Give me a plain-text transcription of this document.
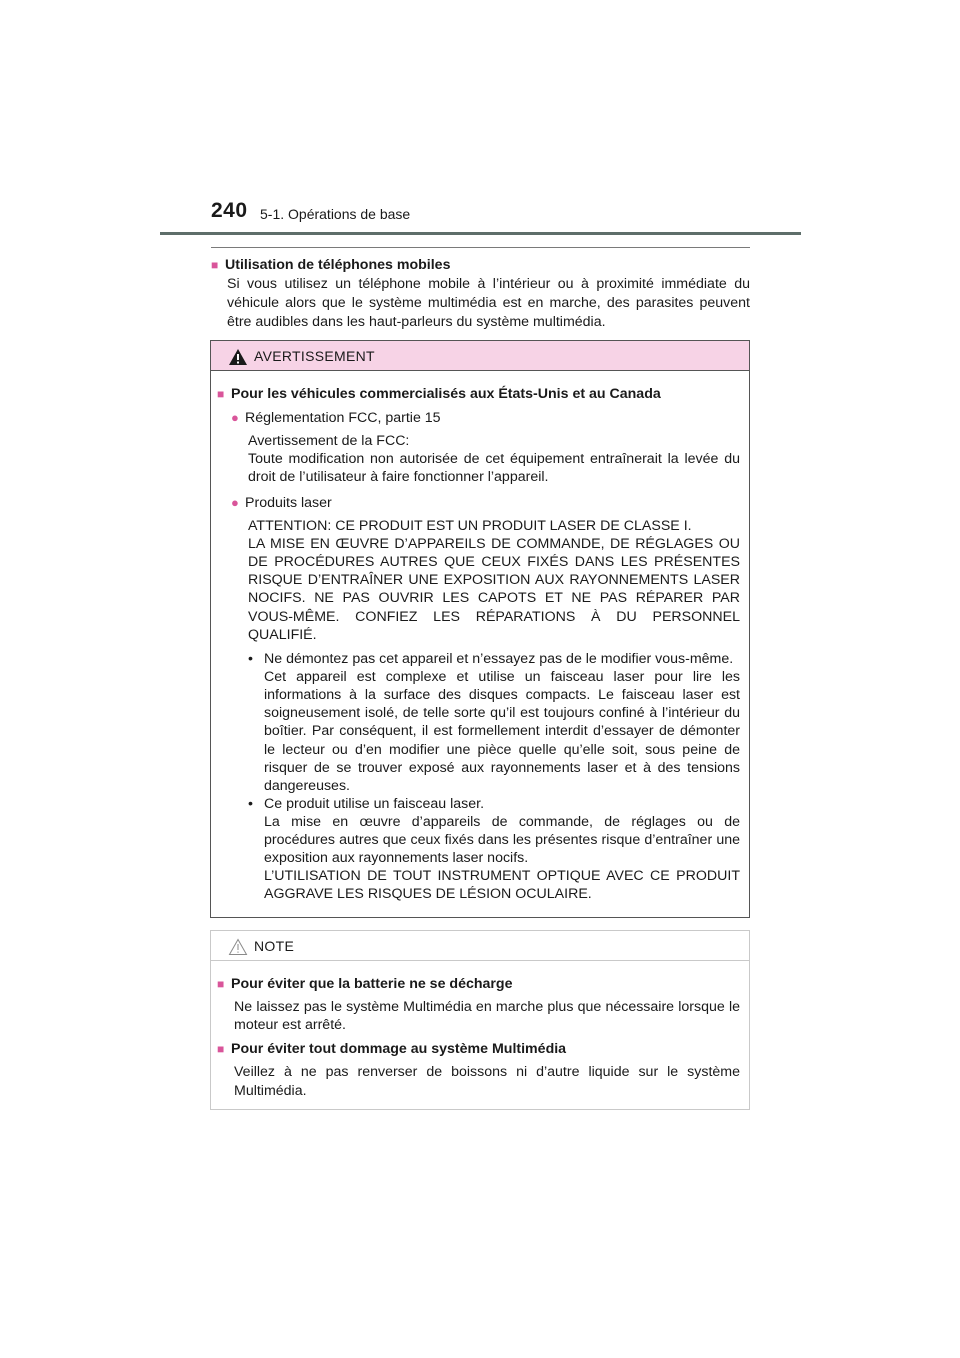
240 5-1. Opérations de base
■ Utilisation de téléphones mobiles
Si vous utilisez un téléphone mobile à l’intérieur ou à proximité immédiate du véhicule alors que le système multimédia est en marche, des parasites peuvent être audibles dans les haut-parleurs du système multimédia.
AVERTISSEMENT
■ Pour les véhicules commercialisés aux États-Unis et au Canada
● Réglementation FCC, partie 15
Avertissement de la FCC:
Toute modification non autorisée de cet équipement entraînerait la levée du droit de l’utilisateur à faire fonctionner l’appareil.
● Produits laser
ATTENTION: CE PRODUIT EST UN PRODUIT LASER DE CLASSE I.
LA MISE EN ŒUVRE D’APPAREILS DE COMMANDE, DE RÉGLAGES OU DE PROCÉDURES AUTRES QUE CEUX FIXÉS DANS LES PRÉSENTES RISQUE D’ENTRAÎNER UNE EXPOSITION AUX RAYONNEMENTS LASER NOCIFS. NE PAS OUVRIR LES CAPOTS ET NE PAS RÉPARER PAR VOUS-MÊME. CONFIEZ LES RÉPARATIONS À DU PERSONNEL QUALIFIÉ.
• Ne démontez pas cet appareil et n’essayez pas de le modifier vous-même.
Cet appareil est complexe et utilise un faisceau laser pour lire les informations à la surface des disques compacts. Le faisceau laser est soigneusement isolé, de telle sorte qu’il est toujours confiné à l’intérieur du boîtier. Par conséquent, il est formellement interdit d’essayer de démonter le lecteur ou d’en modifier une pièce quelle qu’elle soit, sous peine de risquer de se trouver exposé aux rayonnements laser et à des tensions dangereuses.
• Ce produit utilise un faisceau laser.
La mise en œuvre d’appareils de commande, de réglages ou de procédures autres que ceux fixés dans les présentes risque d’entraîner une exposition aux rayonnements laser nocifs.
L’UTILISATION DE TOUT INSTRUMENT OPTIQUE AVEC CE PRODUIT AGGRAVE LES RISQUES DE LÉSION OCULAIRE.
NOTE
■ Pour éviter que la batterie ne se décharge
Ne laissez pas le système Multimédia en marche plus que nécessaire lorsque le moteur est arrêté.
■ Pour éviter tout dommage au système Multimédia
Veillez à ne pas renverser de boissons ni d’autre liquide sur le système Multimédia.
